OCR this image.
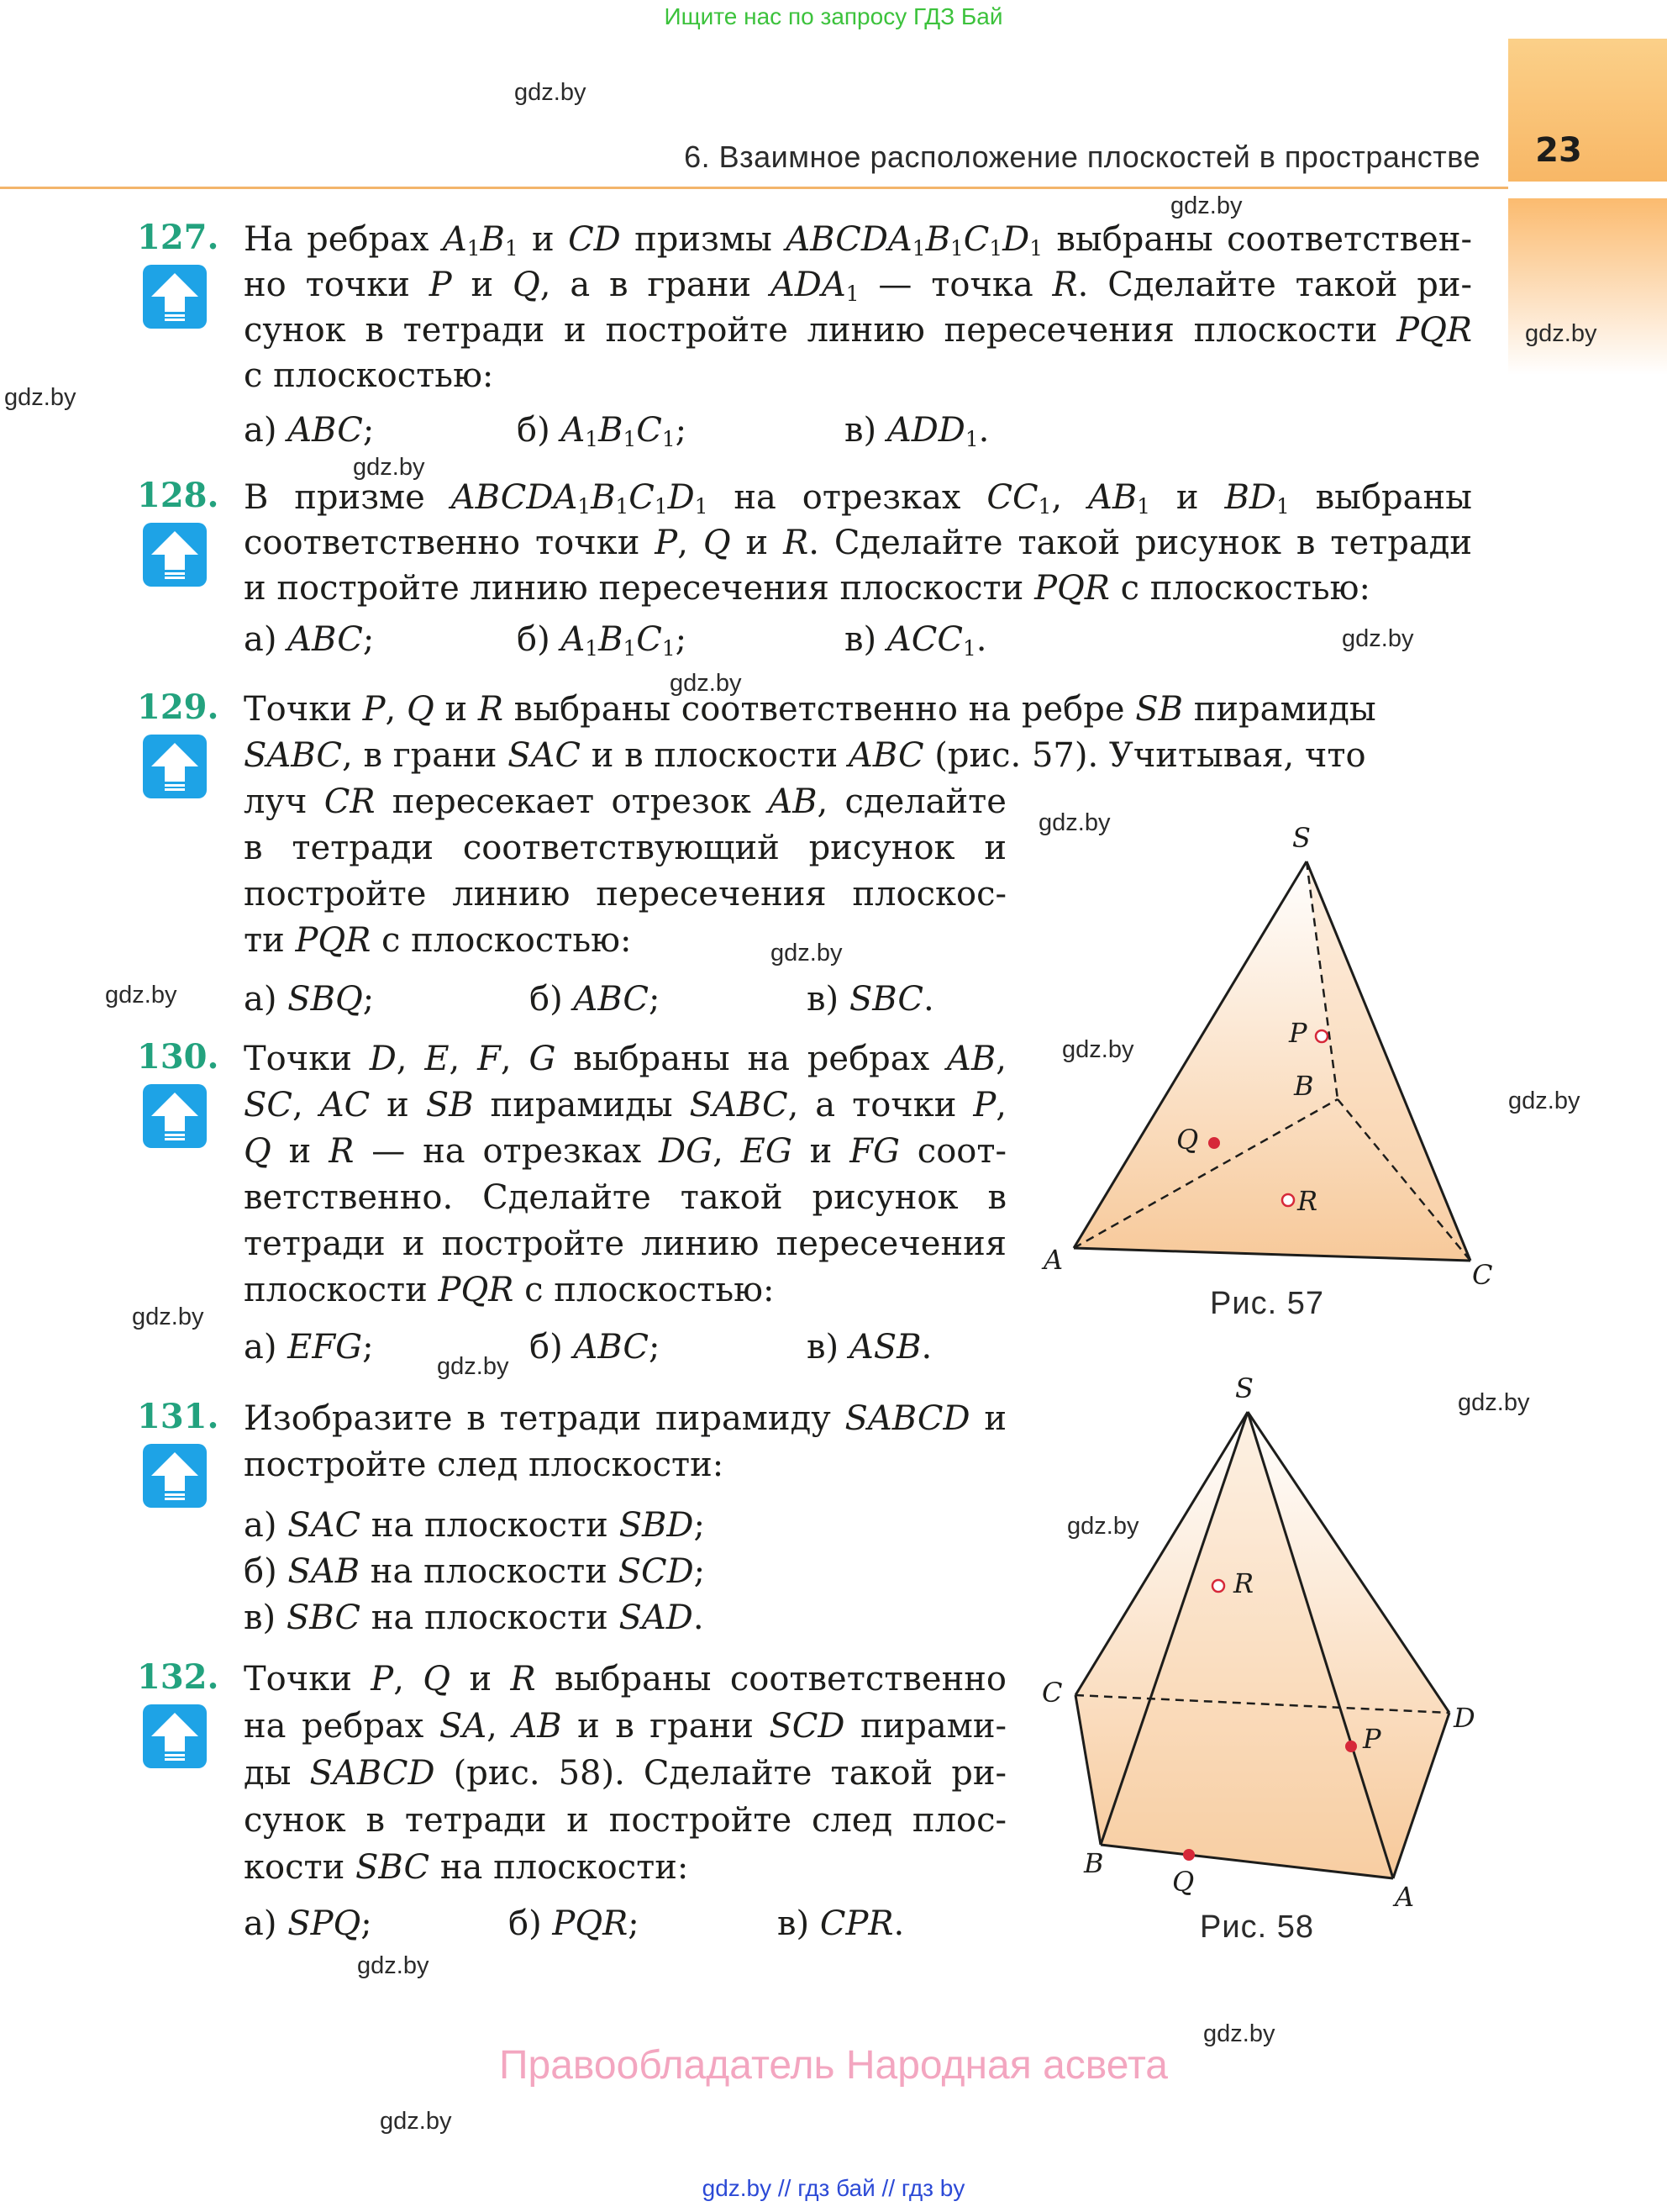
Ищите нас по запросу ГДЗ Бай
23
6. Взаимное расположение плоскостей в пространстве
gdz.by
gdz.by
gdz.by
gdz.by
gdz.by
gdz.by
gdz.by
gdz.by
gdz.by
gdz.by
gdz.by
gdz.by
gdz.by
gdz.by
gdz.by
gdz.by
gdz.by
gdz.by
gdz.by
127. На ребрах $A_1B_1$ и CD призмы $ABCDA_1B_1C_1D_1$ выбраны соответствен-
но точки P и Q, а в грани $ADA_1$ — точка R. Сделайте такой ри-
сунок в тетради и постройте линию пересечения плоскости PQR
с плоскостью:
а) ABC;	б) $A_1B_1C_1$;	в) $ADD_1$.
128. В призме $ABCDA_1B_1C_1D_1$ на отрезках $CC_1$, $AB_1$ и $BD_1$ выбраны
соответственно точки P, Q и R. Сделайте такой рисунок в тетради
и постройте линию пересечения плоскости PQR с плоскостью:
а) ABC;	б) $A_1B_1C_1$;	в) $ACC_1$.
129. Точки P, Q и R выбраны соответственно на ребре SB пирамиды
SABC, в грани SAC и в плоскости ABC (рис. 57). Учитывая, что
луч CR пересекает отрезок AB, сделайте
в тетради соответствующий рисунок и
постройте линию пересечения плоскос-
ти PQR с плоскостью:
а) SBQ;	б) ABC;	в) SBC.
130. Точки D, E, F, G выбраны на ребрах AB,
SC, AC и SB пирамиды SABC, а точки P,
Q и R — на отрезках DG, EG и FG соот-
ветственно. Сделайте такой рисунок в
тетради и постройте линию пересечения
плоскости PQR с плоскостью:
а) EFG;	б) ABC;	в) ASB.
131. Изобразите в тетради пирамиду SABCD и
постройте след плоскости:
а) SAC на плоскости SBD;
б) SAB на плоскости SCD;
в) SBC на плоскости SAD.
132. Точки P, Q и R выбраны соответственно
на ребрах SA, AB и в грани SCD пирами-
ды SABCD (рис. 58). Сделайте такой ри-
сунок в тетради и постройте след плос-
кости SBC на плоскости:
а) SPQ;	б) PQR;	в) CPR.
S
A
B
C
P
Q
R
Рис. 57
S
A
B
C
D
P
Q
R
Рис. 58
Правообладатель Народная асвета
gdz.by // гдз бай // гдз by
